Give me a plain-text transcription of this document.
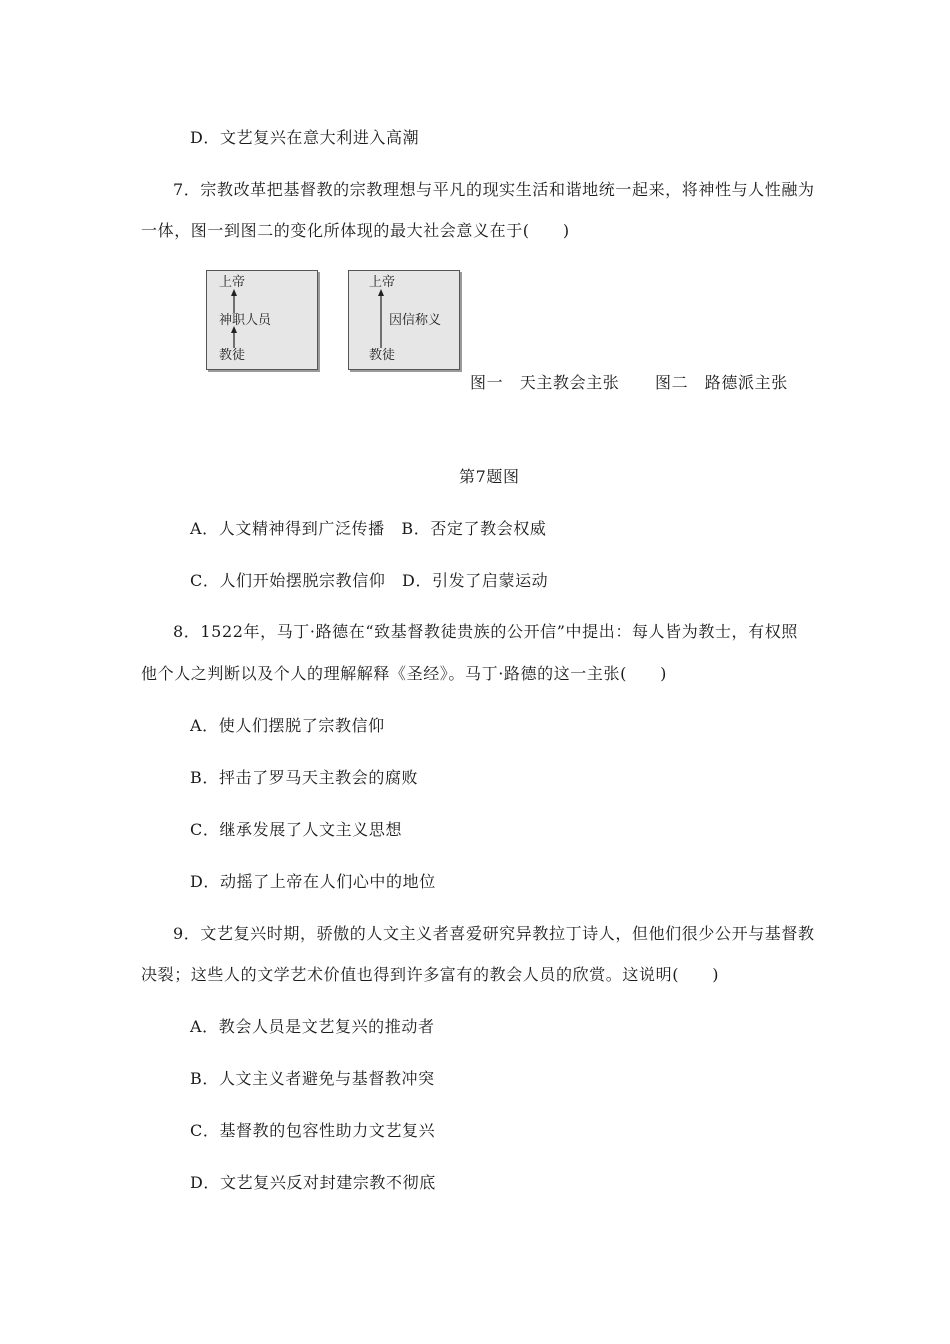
D．文艺复兴在意大利进入高潮
7．宗教改革把基督教的宗教理想与平凡的现实生活和谐地统一起来，将神性与人性融为
一体，图一到图二的变化所体现的最大社会意义在于(　　)
上帝
神职人员
教徒
上帝
因信称义
教徒
图一　天主教会主张 图二　路德派主张
第7题图
A．人文精神得到广泛传播　B．否定了教会权威
C．人们开始摆脱宗教信仰　D．引发了启蒙运动
8．1522年，马丁·路德在“致基督教徒贵族的公开信”中提出：每人皆为教士，有权照
他个人之判断以及个人的理解解释《圣经》。马丁·路德的这一主张(　　)
A．使人们摆脱了宗教信仰
B．抨击了罗马天主教会的腐败
C．继承发展了人文主义思想
D．动摇了上帝在人们心中的地位
9．文艺复兴时期，骄傲的人文主义者喜爱研究异教拉丁诗人，但他们很少公开与基督教
决裂；这些人的文学艺术价值也得到许多富有的教会人员的欣赏。这说明(　　)
A．教会人员是文艺复兴的推动者
B．人文主义者避免与基督教冲突
C．基督教的包容性助力文艺复兴
D．文艺复兴反对封建宗教不彻底
